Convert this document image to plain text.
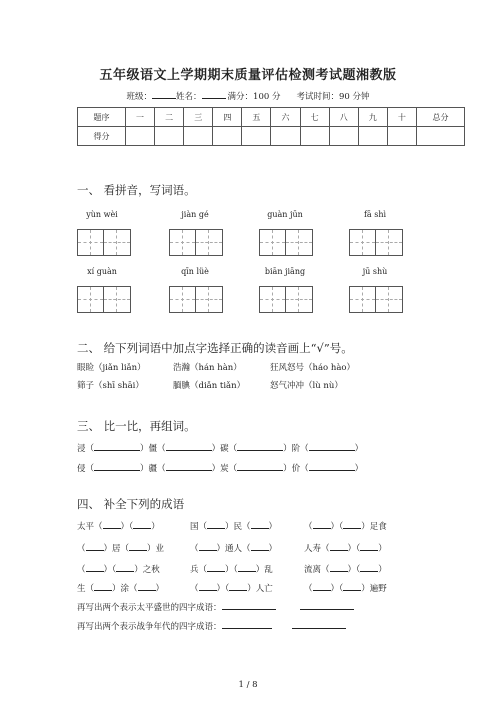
五年级语文上学期期末质量评估检测考试题湘教版
班级：	姓名：	满分：100 分 考试时间：90 分钟
题序	一	二	三	四	五	六	七	八	九	十	总分
得分											
一、 看拼音，写词语。
yùn wèi	jiàn gé	guàn jūn	fā shì
xí guàn	qīn lüè	biān jiāng	jū shù
二、 给下列词语中加点字选择正确的读音画上“√”号。
眼睑（jiǎn liǎn）	浩瀚（hán hàn）	狂风怒号（háo hào）
筛子（shī shāi）	腼腆（diǎn tiǎn）	怒气冲冲（lù nù）
三、 比一比，再组词。
浸（	）僵（	）碳（	）阶（	）
侵（	）疆（	）炭（	）价（	）
四、 补全下列的成语
太平（ ）（ ）	国（ ）民（ ）	（ ）（ ）足食
（ ）居（ ）业	（ ）通人（ ）	人寿（ ）（ ）
（ ）（ ）之秋	兵（ ）（ ）乱	流离（ ）（ ）
生（ ）涂（ ）	（ ）（ ）人亡	（ ）（ ）遍野
再写出两个表示太平盛世的四字成语：
再写出两个表示战争年代的四字成语：
1 / 8
